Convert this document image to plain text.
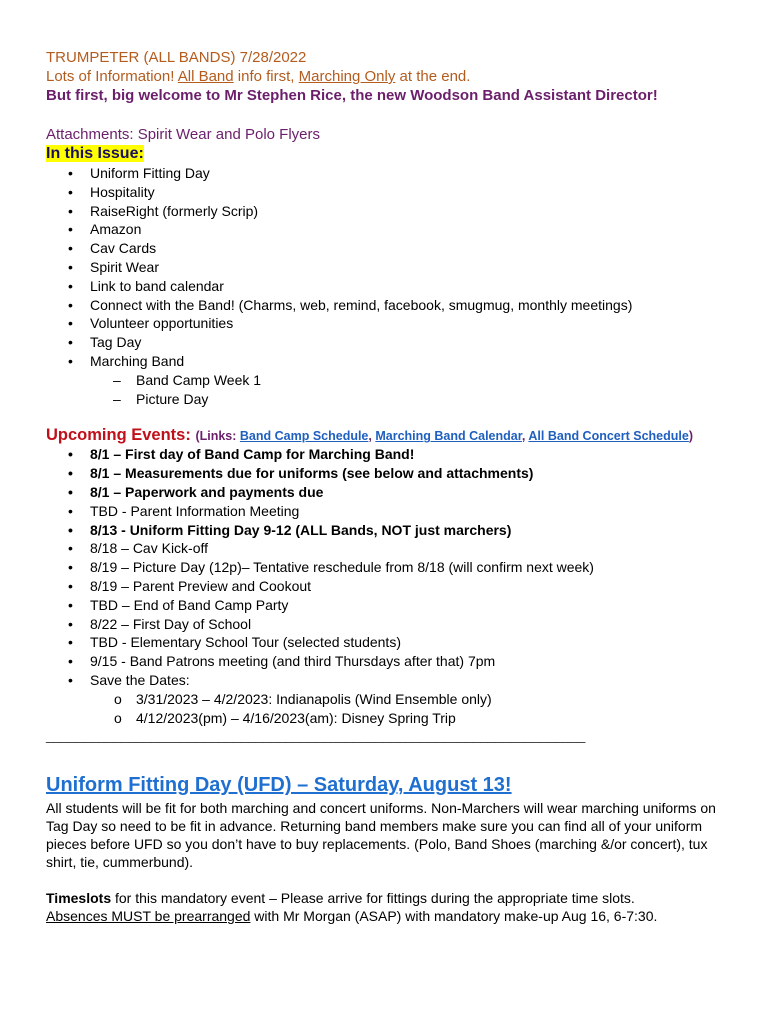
TRUMPETER (ALL BANDS) 7/28/2022
Lots of Information! All Band info first, Marching Only at the end.
But first, big welcome to Mr Stephen Rice, the new Woodson Band Assistant Director!
Attachments: Spirit Wear and Polo Flyers
In this Issue:
• Uniform Fitting Day
• Hospitality
• RaiseRight (formerly Scrip)
• Amazon
• Cav Cards
• Spirit Wear
• Link to band calendar
• Connect with the Band! (Charms, web, remind, facebook, smugmug, monthly meetings)
• Volunteer opportunities
• Tag Day
• Marching Band
– Band Camp Week 1
– Picture Day
Upcoming Events: (Links: Band Camp Schedule, Marching Band Calendar, All Band Concert Schedule)
• 8/1 – First day of Band Camp for Marching Band!
• 8/1 – Measurements due for uniforms (see below and attachments)
• 8/1 – Paperwork and payments due
• TBD - Parent Information Meeting
• 8/13 - Uniform Fitting Day 9-12 (ALL Bands, NOT just marchers)
• 8/18 – Cav Kick-off
• 8/19 – Picture Day (12p)– Tentative reschedule from 8/18 (will confirm next week)
• 8/19 – Parent Preview and Cookout
• TBD – End of Band Camp Party
• 8/22 – First Day of School
• TBD - Elementary School Tour (selected students)
• 9/15 - Band Patrons meeting (and third Thursdays after that) 7pm
• Save the Dates:
o 3/31/2023 – 4/2/2023: Indianapolis (Wind Ensemble only)
o 4/12/2023(pm) – 4/16/2023(am): Disney Spring Trip
________________________________________________________________________
Uniform Fitting Day (UFD) – Saturday, August 13!
All students will be fit for both marching and concert uniforms. Non-Marchers will wear marching uniforms on Tag Day so need to be fit in advance. Returning band members make sure you can find all of your uniform pieces before UFD so you don’t have to buy replacements. (Polo, Band Shoes (marching &/or concert), tux shirt, tie, cummerbund).
Timeslots for this mandatory event – Please arrive for fittings during the appropriate time slots.
Absences MUST be prearranged with Mr Morgan (ASAP) with mandatory make-up Aug 16, 6-7:30.
